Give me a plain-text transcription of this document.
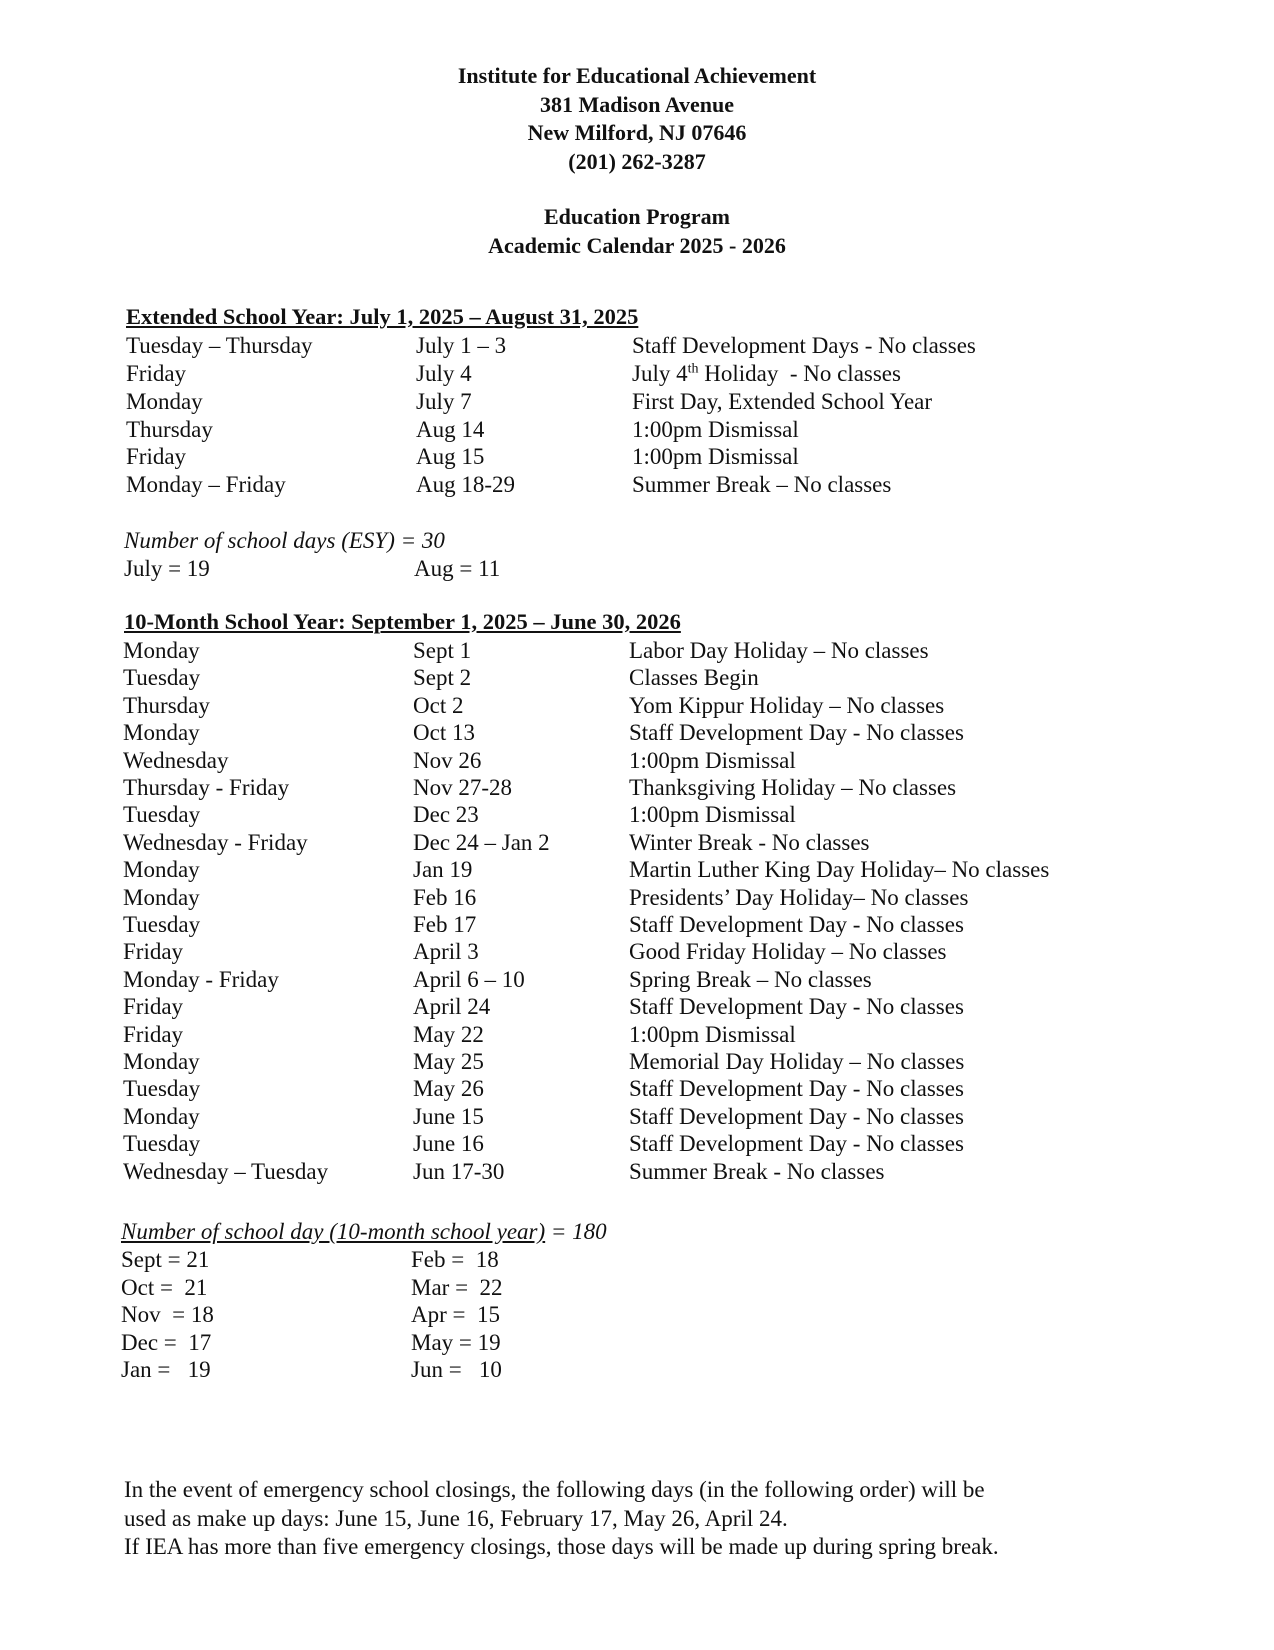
Institute for Educational Achievement
381 Madison Avenue
New Milford, NJ 07646
(201) 262-3287
Education Program
Academic Calendar 2025 - 2026
Extended School Year: July 1, 2025 – August 31, 2025
Tuesday – Thursday	July 1 – 3	Staff Development Days - No classes
Friday	July 4	July 4th Holiday  - No classes
Monday	July 7	First Day, Extended School Year
Thursday	Aug 14	1:00pm Dismissal
Friday	Aug 15	1:00pm Dismissal
Monday – Friday	Aug 18-29	Summer Break – No classes
Number of school days (ESY) = 30
July = 19	Aug = 11
10-Month School Year: September 1, 2025 – June 30, 2026
Monday	Sept 1	Labor Day Holiday – No classes
Tuesday	Sept 2	Classes Begin
Thursday	Oct 2	Yom Kippur Holiday – No classes
Monday	Oct 13	Staff Development Day - No classes
Wednesday	Nov 26	1:00pm Dismissal
Thursday - Friday	Nov 27-28	Thanksgiving Holiday – No classes
Tuesday	Dec 23	1:00pm Dismissal
Wednesday - Friday	Dec 24 – Jan 2	Winter Break - No classes
Monday	Jan 19	Martin Luther King Day Holiday– No classes
Monday	Feb 16	Presidents’ Day Holiday– No classes
Tuesday	Feb 17	Staff Development Day - No classes
Friday	April 3	Good Friday Holiday – No classes
Monday - Friday	April 6 – 10	Spring Break – No classes
Friday	April 24	Staff Development Day - No classes
Friday	May 22	1:00pm Dismissal
Monday	May 25	Memorial Day Holiday – No classes
Tuesday	May 26	Staff Development Day - No classes
Monday	June 15	Staff Development Day - No classes
Tuesday	June 16	Staff Development Day - No classes
Wednesday – Tuesday	Jun 17-30	Summer Break - No classes
Number of school day (10-month school year) = 180
Sept = 21	Feb =  18
Oct =  21	Mar =  22
Nov  = 18	Apr =  15
Dec =  17	May = 19
Jan =   19	Jun =   10
In the event of emergency school closings, the following days (in the following order) will be
used as make up days: June 15, June 16, February 17, May 26, April 24.
If IEA has more than five emergency closings, those days will be made up during spring break.
